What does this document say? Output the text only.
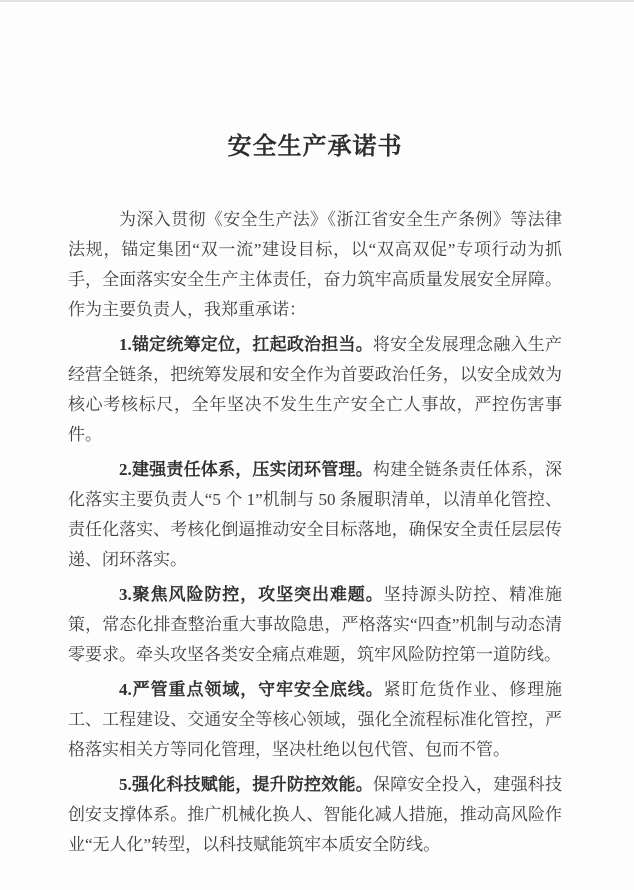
安全生产承诺书

为深入贯彻《安全生产法》《浙江省安全生产条例》等法律法规，锚定集团“双一流”建设目标，以“双高双促”专项行动为抓手，全面落实安全生产主体责任，奋力筑牢高质量发展安全屏障。作为主要负责人，我郑重承诺：

1.锚定统筹定位，扛起政治担当。将安全发展理念融入生产经营全链条，把统筹发展和安全作为首要政治任务，以安全成效为核心考核标尺，全年坚决不发生生产安全亡人事故，严控伤害事件。

2.建强责任体系，压实闭环管理。构建全链条责任体系，深化落实主要负责人“5 个 1”机制与 50 条履职清单，以清单化管控、责任化落实、考核化倒逼推动安全目标落地，确保安全责任层层传递、闭环落实。

3.聚焦风险防控，攻坚突出难题。坚持源头防控、精准施策，常态化排查整治重大事故隐患，严格落实“四查”机制与动态清零要求。牵头攻坚各类安全痛点难题，筑牢风险防控第一道防线。

4.严管重点领域，守牢安全底线。紧盯危货作业、修理施工、工程建设、交通安全等核心领域，强化全流程标准化管控，严格落实相关方等同化管理，坚决杜绝以包代管、包而不管。

5.强化科技赋能，提升防控效能。保障安全投入，建强科技创安支撑体系。推广机械化换人、智能化减人措施，推动高风险作业“无人化”转型，以科技赋能筑牢本质安全防线。
